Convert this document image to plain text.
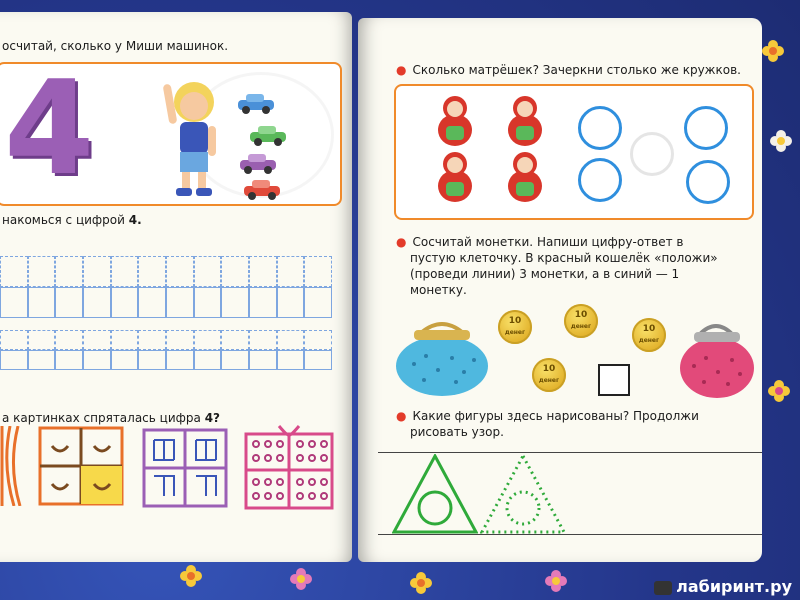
осчитай, сколько у Миши машинок.
4
накомься с цифрой 4.
а картинках спряталась цифра 4?
● Сколько матрёшек? Зачеркни столько же кружков.
● Сосчитай монетки. Напиши цифру-ответ в
пустую клеточку. В красный кошелёк «положи»
(проведи линии) 3 монетки, а в синий — 1
монетку.
10
денег
10
денег	10
денег
10
денег
● Какие фигуры здесь нарисованы? Продолжи
рисовать узор.
лабиринт.ру
